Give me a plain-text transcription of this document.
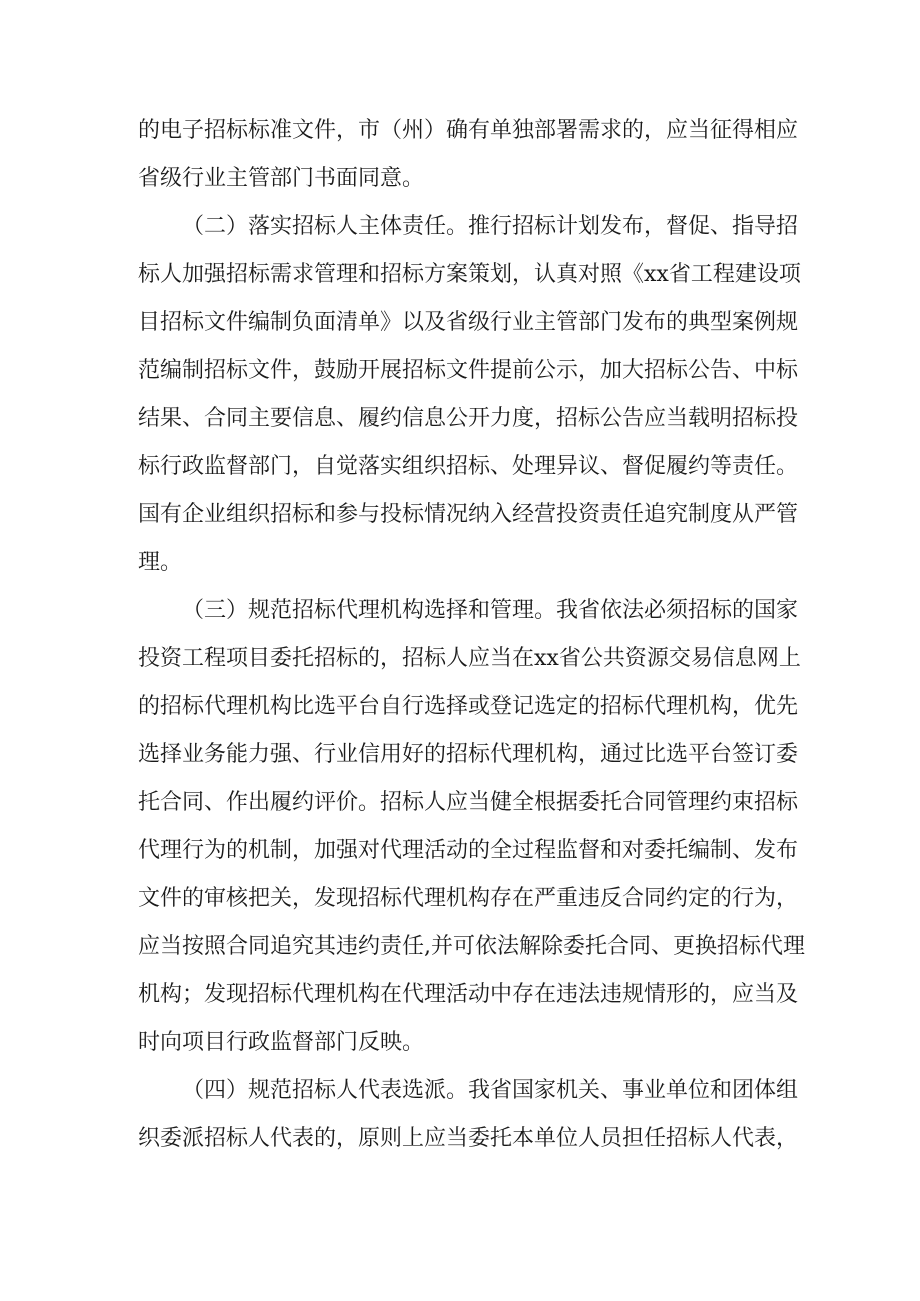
的电子招标标准文件，市（州）确有单独部署需求的，应当征得相应
省级行业主管部门书面同意。
（二）落实招标人主体责任。推行招标计划发布，督促、指导招
标人加强招标需求管理和招标方案策划，认真对照《xx省工程建设项
目招标文件编制负面清单》以及省级行业主管部门发布的典型案例规
范编制招标文件，鼓励开展招标文件提前公示，加大招标公告、中标
结果、合同主要信息、履约信息公开力度，招标公告应当载明招标投
标行政监督部门，自觉落实组织招标、处理异议、督促履约等责任。
国有企业组织招标和参与投标情况纳入经营投资责任追究制度从严管
理。
（三）规范招标代理机构选择和管理。我省依法必须招标的国家
投资工程项目委托招标的，招标人应当在xx省公共资源交易信息网上
的招标代理机构比选平台自行选择或登记选定的招标代理机构，优先
选择业务能力强、行业信用好的招标代理机构，通过比选平台签订委
托合同、作出履约评价。招标人应当健全根据委托合同管理约束招标
代理行为的机制，加强对代理活动的全过程监督和对委托编制、发布
文件的审核把关，发现招标代理机构存在严重违反合同约定的行为，
应当按照合同追究其违约责任,并可依法解除委托合同、更换招标代理
机构；发现招标代理机构在代理活动中存在违法违规情形的，应当及
时向项目行政监督部门反映。
（四）规范招标人代表选派。我省国家机关、事业单位和团体组
织委派招标人代表的，原则上应当委托本单位人员担任招标人代表，
